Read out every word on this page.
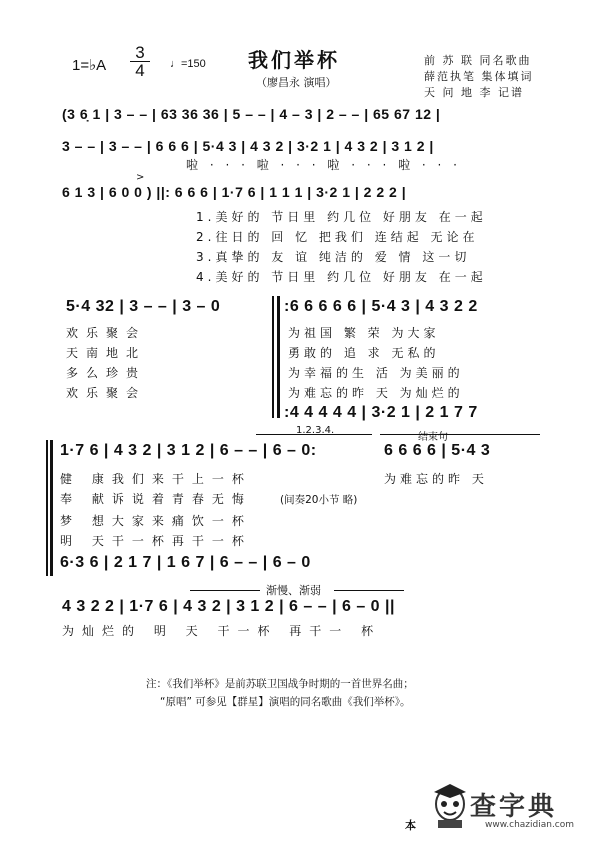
1=♭A
3
4	♩=150 我们举杯
（廖昌永 演唱）
前 苏 联 同名歌曲
薛范执笔 集体填词
天 问 地 李 记谱
(3 6̣ 1 | 3 – – | 63 36 36 | 5 – – | 4 – 3 | 2 – – | 65 67 12 |
3 – – | 3 – – | 6 6 6 | 5·4 3 | 4 3 2 | 3·2 1 | 4 3 2 | 3 1 2 |
啦 · · · 啦 · · · 啦 · · · 啦 · · ·
>
6 1 3 | 6 0 0 ) ||: 6 6 6 | 1·7 6 | 1 1 1 | 3·2 1 | 2 2 2 |
1.美好的 节日里 约几位 好朋友 在一起
2.往日的 回 忆 把我们 连结起 无论在
3.真挚的 友 谊 纯洁的 爱 情 这一切
4.美好的 节日里 约几位 好朋友 在一起
5·4 32 | 3 – – | 3 – 0	:6 6 6 6 6 | 5·4 3 | 4 3 2 2
欢乐聚会
天南地北
多么珍贵
欢乐聚会
为祖国 繁 荣 为大家
勇敢的 追 求 无私的
为幸福的生 活 为美丽的
为难忘的昨 天 为灿烂的
:4 4 4 4 4 | 3·2 1 | 2 1 7 7
1.2.3.4.
结束句
1·7 6 | 4 3 2 | 3 1 2 | 6 – – | 6 – 0:	6 6 6 6 | 5·4 3
健 康我们来干上一杯
奉 献诉说着青春无悔	(间奏20小节 略)
梦 想大家来痛饮一杯
明 天干一杯再干一杯
为难忘的昨 天
6·3 6 | 2 1 7 | 1 6 7 | 6 – – | 6 – 0
渐慢、渐弱
4 3 2 2 | 1·7 6 | 4 3 2 | 3 1 2 | 6 – – | 6 – 0 ||
为灿烂的 明 天 干一杯 再干一 杯
注：《我们举杯》是前苏联卫国战争时期的一首世界名曲；
“原唱” 可参见【群星】演唱的同名歌曲《我们举杯》。
本
查字典
www.chazidian.com
